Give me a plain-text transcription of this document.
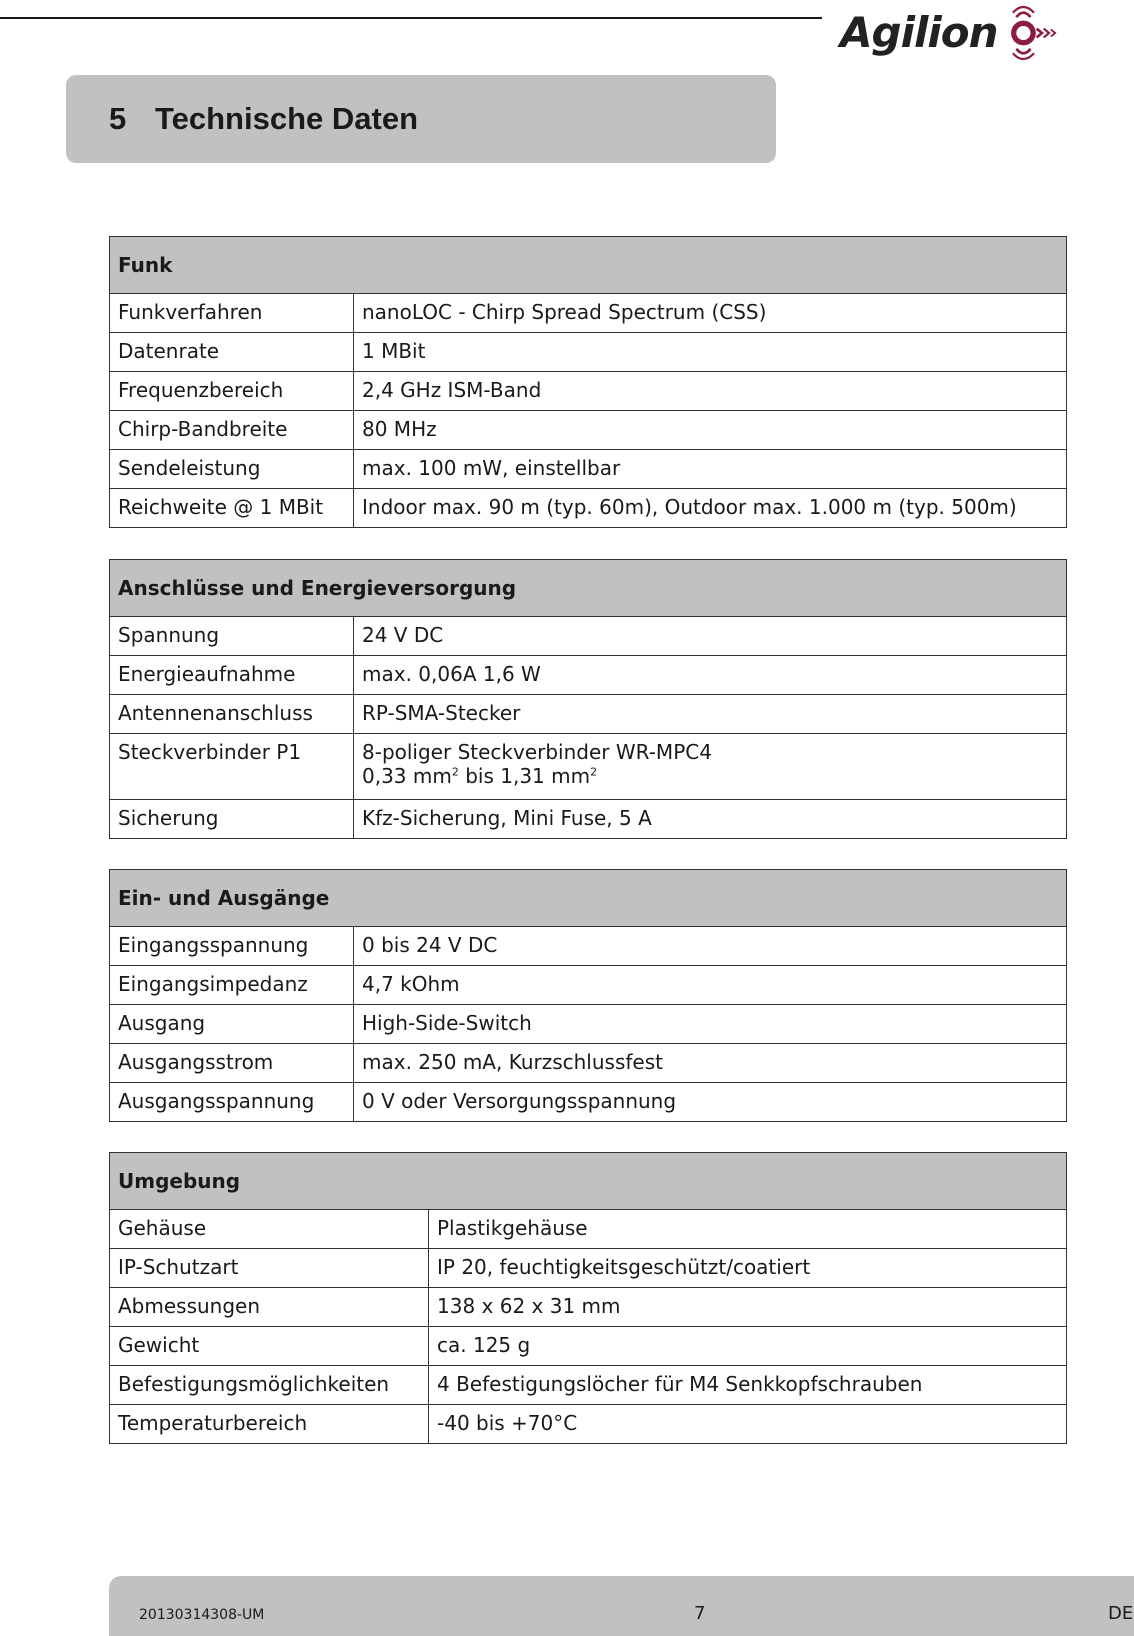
Agilion
5 Technische Daten
Funk	
Funkverfahren	nanoLOC - Chirp Spread Spectrum (CSS)
Datenrate	1 MBit
Frequenzbereich	2,4 GHz ISM-Band
Chirp-Bandbreite	80 MHz
Sendeleistung	max. 100 mW, einstellbar
Reichweite @ 1 MBit	Indoor max. 90 m (typ. 60m), Outdoor max. 1.000 m (typ. 500m)
Anschlüsse und Energieversorgung	
Spannung	24 V DC
Energieaufnahme	max. 0,06A 1,6 W
Antennenanschluss	RP-SMA-Stecker
Steckverbinder P1	8-poliger Steckverbinder WR-MPC4
0,33 $mm^2$ bis 1,31 $mm^2$

Sicherung	Kfz-Sicherung, Mini Fuse, 5 A
Ein- und Ausgänge	
Eingangsspannung	0 bis 24 V DC
Eingangsimpedanz	4,7 kOhm
Ausgang	High-Side-Switch
Ausgangsstrom	max. 250 mA, Kurzschlussfest
Ausgangsspannung	0 V oder Versorgungsspannung
Umgebung	
Gehäuse	Plastikgehäuse
IP-Schutzart	IP 20, feuchtigkeitsgeschützt/coatiert
Abmessungen	138 x 62 x 31 mm
Gewicht	ca. 125 g
Befestigungsmöglichkeiten	4 Befestigungslöcher für M4 Senkkopfschrauben
Temperaturbereich	-40 bis +70°C
20130314308-UM	7	DE
